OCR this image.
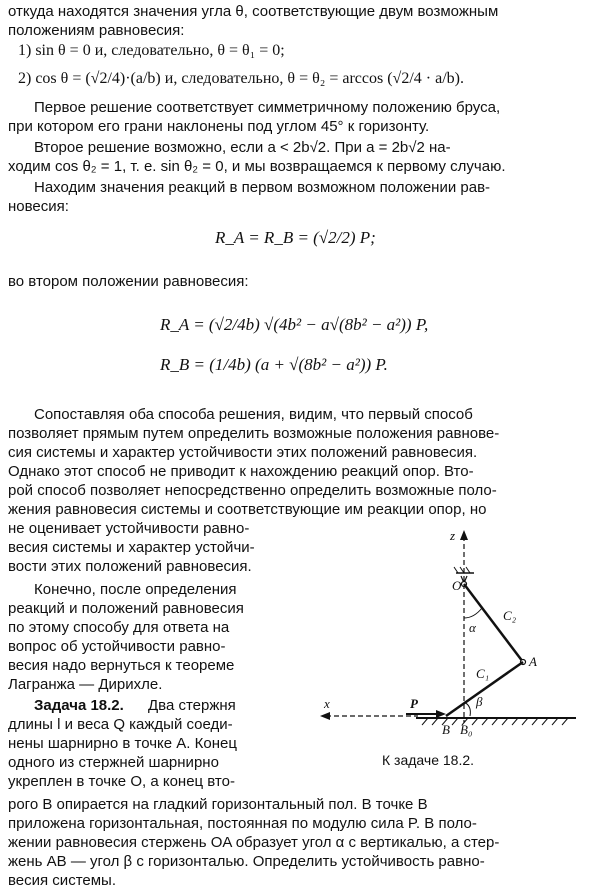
откуда находятся значения угла θ, соответствующие двум возможным
положениям равновесия:
1) sin θ = 0 и, следовательно, θ = θ₁ = 0;
2) cos θ = (√2/4)·(a/b) и, следовательно, θ = θ₂ = arccos (√2/4 · a/b).
Первое решение соответствует симметричному положению бруса,
при котором его грани наклонены под углом 45° к горизонту.
Второе решение возможно, если a < 2b√2. При a = 2b√2 на-
ходим cos θ₂ = 1, т. е. sin θ₂ = 0, и мы возвращаемся к первому случаю.
Находим значения реакций в первом возможном положении рав-
новесия:
R_A = R_B = (√2/2) P;
во втором положении равновесия:
R_A = (√2/4b) √(4b² − a√(8b² − a²)) P,
R_B = (1/4b) (a + √(8b² − a²)) P.
Сопоставляя оба способа решения, видим, что первый способ
позволяет прямым путем определить возможные положения равнове-
сия системы и характер устойчивости этих положений равновесия.
Однако этот способ не приводит к нахождению реакций опор. Вто-
рой способ позволяет непосредственно определить возможные поло-
жения равновесия системы и соответствующие им реакции опор, но
не оценивает устойчивости равно-
весия системы и характер устойчи-
вости этих положений равновесия.
Конечно, после определения
реакций и положений равновесия
по этому способу для ответа на
вопрос об устойчивости равно-
весия надо вернуться к теореме
Лагранжа — Дирихле.
Задача 18.2. Два стержня
длины l и веса Q каждый соеди-
нены шарнирно в точке A. Конец
одного из стержней шарнирно
укреплен в точке O, а конец вто-
рого B опирается на гладкий горизонтальный пол. В точке B
приложена горизонтальная, постоянная по модулю сила P. В поло-
жении равновесия стержень OA образует угол α с вертикалью, а стер-
жень AB — угол β с горизонталью. Определить устойчивость равно-
весия системы.
z
O
A
C₂
α
C₁
β
x	P
B B₀
К задаче 18.2.
